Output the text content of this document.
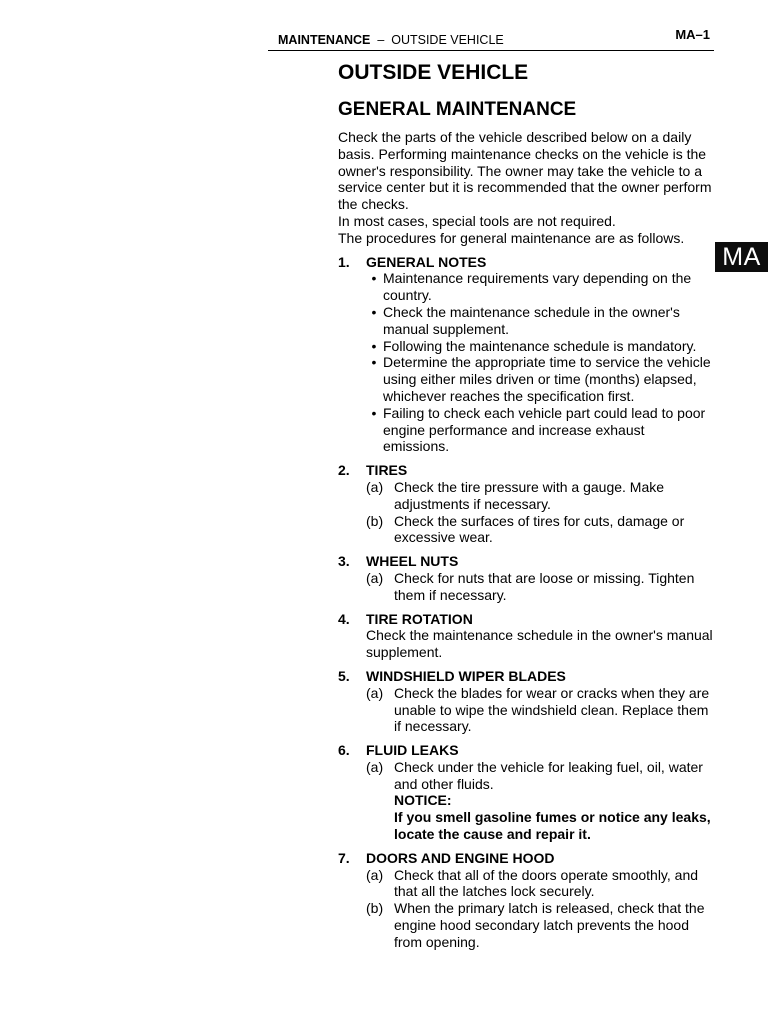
MAINTENANCE – OUTSIDE VEHICLE	MA–1
MA
OUTSIDE VEHICLE
GENERAL MAINTENANCE

Check the parts of the vehicle described below on a daily basis. Performing maintenance checks on the vehicle is the owner's responsibility. The owner may take the vehicle to a service center but it is recommended that the owner perform the checks.

In most cases, special tools are not required.

The procedures for general maintenance are as follows.

1.	GENERAL NOTES
• Maintenance requirements vary depending on the country.
• Check the maintenance schedule in the owner's manual supplement.
• Following the maintenance schedule is mandatory.
• Determine the appropriate time to service the vehicle using either miles driven or time (months) elapsed, whichever reaches the specification first.
• Failing to check each vehicle part could lead to poor engine performance and increase exhaust emissions.
2.	TIRES
(a) Check the tire pressure with a gauge. Make adjustments if necessary.
(b) Check the surfaces of tires for cuts, damage or excessive wear.
3.	WHEEL NUTS
(a) Check for nuts that are loose or missing. Tighten them if necessary.
4.	TIRE ROTATION
Check the maintenance schedule in the owner's manual supplement.
5.	WINDSHIELD WIPER BLADES
(a) Check the blades for wear or cracks when they are unable to wipe the windshield clean. Replace them if necessary.
6.	FLUID LEAKS
(a) Check under the vehicle for leaking fuel, oil, water and other fluids.
NOTICE:
If you smell gasoline fumes or notice any leaks, locate the cause and repair it.
7.	DOORS AND ENGINE HOOD
(a) Check that all of the doors operate smoothly, and that all the latches lock securely.
(b) When the primary latch is released, check that the engine hood secondary latch prevents the hood from opening.
